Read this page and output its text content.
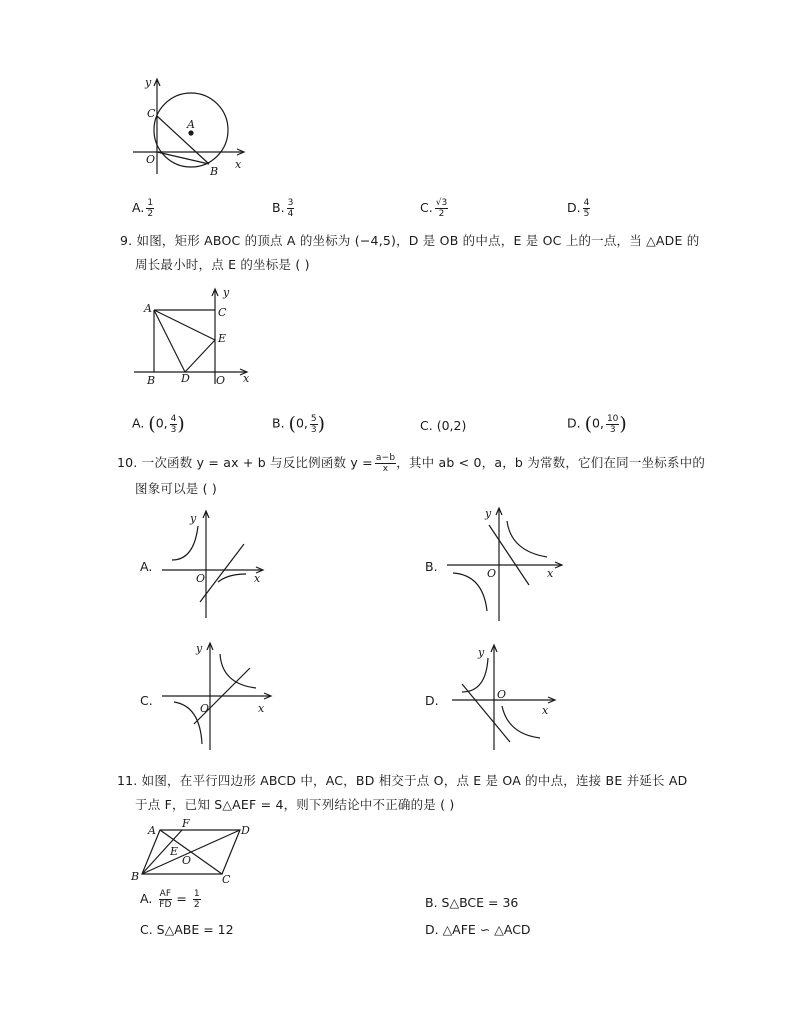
y
x
C
A
O
B
A. $\frac{1}{2}$	B. $\frac{3}{4}$	C. $\frac{√3}{2}$	D. $\frac{4}{5}$
9. 如图，矩形 ABOC 的顶点 A 的坐标为 (−4,5)，D 是 OB 的中点，E 是 OC 上的一点，当 △ADE 的
周长最小时，点 E 的坐标是 ( )
A	C
E
B D O x
y
A. (0, $\frac{4}{3}$ )	B. (0, $\frac{5}{3}$ )	C. (0,2)	D. (0, $\frac{10}{3}$ )
10. 一次函数 y = ax + b 与反比例函数 $y = \frac{a-b}{x}$ ，其中 ab < 0，a，b 为常数，它们在同一坐标系中的
图象可以是 ( )
A.
y
O	x
B.
y
O	x
C.
y
O	x
D.
y
O
x
11. 如图，在平行四边形 ABCD 中，AC，BD 相交于点 O，点 E 是 OA 的中点，连接 BE 并延长 AD
于点 F，已知 S△AEF = 4，则下列结论中不正确的是 ( )
A
F
D
E
O
B	C
A. $\frac{AF}{FD} = \frac{1}{2}$	B. S△BCE = 36
C. S△ABE = 12	D. △AFE ∽ △ACD
